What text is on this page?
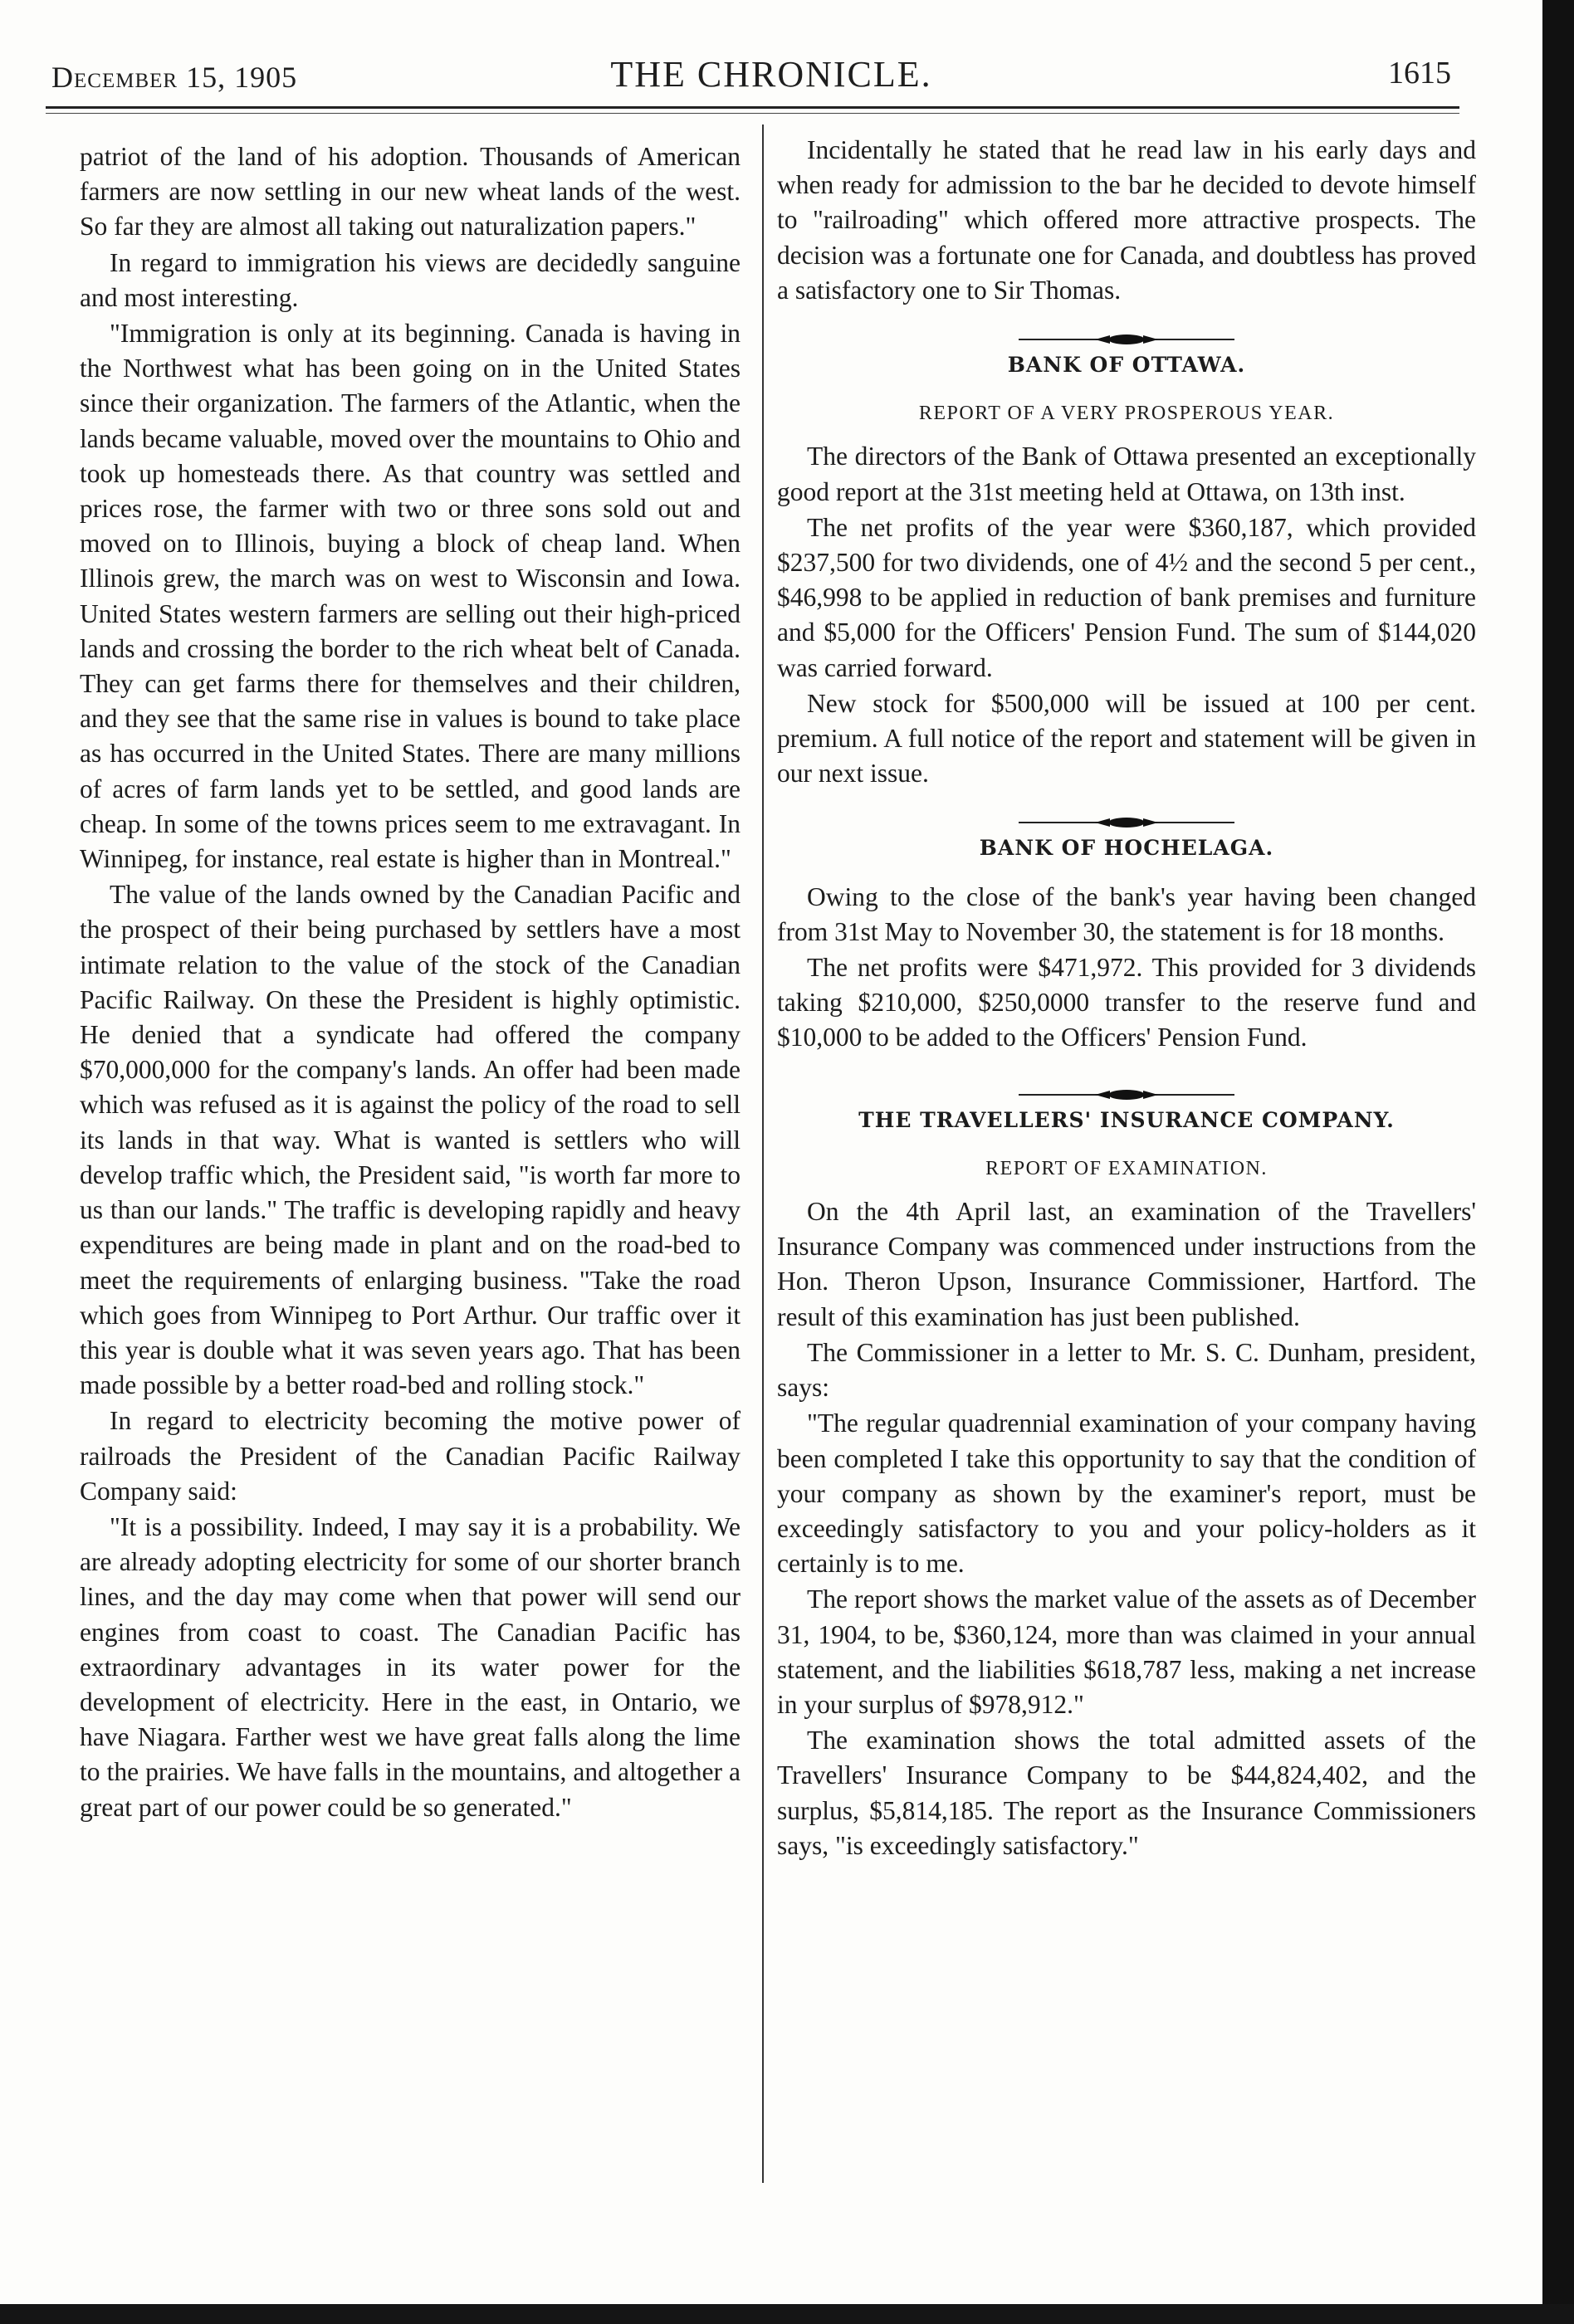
December 15, 1905	THE CHRONICLE.	1615

patriot of the land of his adoption. Thousands of American farmers are now settling in our new wheat lands of the west. So far they are almost all taking out naturalization papers."

In regard to immigration his views are decidedly sanguine and most interesting.

"Immigration is only at its beginning. Canada is having in the Northwest what has been going on in the United States since their organization. The farmers of the Atlantic, when the lands became valuable, moved over the mountains to Ohio and took up homesteads there. As that country was settled and prices rose, the farmer with two or three sons sold out and moved on to Illinois, buying a block of cheap land. When Illinois grew, the march was on west to Wisconsin and Iowa. United States western farmers are selling out their high-priced lands and crossing the border to the rich wheat belt of Canada. They can get farms there for themselves and their children, and they see that the same rise in values is bound to take place as has occurred in the United States. There are many millions of acres of farm lands yet to be settled, and good lands are cheap. In some of the towns prices seem to me extravagant. In Winnipeg, for instance, real estate is higher than in Montreal."

The value of the lands owned by the Canadian Pacific and the prospect of their being purchased by settlers have a most intimate relation to the value of the stock of the Canadian Pacific Railway. On these the President is highly optimistic. He denied that a syndicate had offered the company $70,000,000 for the company's lands. An offer had been made which was refused as it is against the policy of the road to sell its lands in that way. What is wanted is settlers who will develop traffic which, the President said, "is worth far more to us than our lands." The traffic is developing rapidly and heavy expenditures are being made in plant and on the road-bed to meet the requirements of enlarging business. "Take the road which goes from Winnipeg to Port Arthur. Our traffic over it this year is double what it was seven years ago. That has been made possible by a better road-bed and rolling stock."

In regard to electricity becoming the motive power of railroads the President of the Canadian Pacific Railway Company said:

"It is a possibility. Indeed, I may say it is a probability. We are already adopting electricity for some of our shorter branch lines, and the day may come when that power will send our engines from coast to coast. The Canadian Pacific has extraordinary advantages in its water power for the development of electricity. Here in the east, in Ontario, we have Niagara. Farther west we have great falls along the lime to the prairies. We have falls in the mountains, and altogether a great part of our power could be so generated."

Incidentally he stated that he read law in his early days and when ready for admission to the bar he decided to devote himself to "railroading" which offered more attractive prospects. The decision was a fortunate one for Canada, and doubtless has proved a satisfactory one to Sir Thomas.

BANK OF OTTAWA.
REPORT OF A VERY PROSPEROUS YEAR.

The directors of the Bank of Ottawa presented an exceptionally good report at the 31st meeting held at Ottawa, on 13th inst.

The net profits of the year were $360,187, which provided $237,500 for two dividends, one of 4½ and the second 5 per cent., $46,998 to be applied in reduction of bank premises and furniture and $5,000 for the Officers' Pension Fund. The sum of $144,020 was carried forward.

New stock for $500,000 will be issued at 100 per cent. premium. A full notice of the report and statement will be given in our next issue.

BANK OF HOCHELAGA.

Owing to the close of the bank's year having been changed from 31st May to November 30, the statement is for 18 months.

The net profits were $471,972. This provided for 3 dividends taking $210,000, $250,0000 transfer to the reserve fund and $10,000 to be added to the Officers' Pension Fund.

THE TRAVELLERS' INSURANCE COMPANY.
REPORT OF EXAMINATION.

On the 4th April last, an examination of the Travellers' Insurance Company was commenced under instructions from the Hon. Theron Upson, Insurance Commissioner, Hartford. The result of this examination has just been published.

The Commissioner in a letter to Mr. S. C. Dunham, president, says:

"The regular quadrennial examination of your company having been completed I take this opportunity to say that the condition of your company as shown by the examiner's report, must be exceedingly satisfactory to you and your policy-holders as it certainly is to me.

The report shows the market value of the assets as of December 31, 1904, to be, $360,124, more than was claimed in your annual statement, and the liabilities $618,787 less, making a net increase in your surplus of $978,912."

The examination shows the total admitted assets of the Travellers' Insurance Company to be $44,824,402, and the surplus, $5,814,185. The report as the Insurance Commissioners says, "is exceedingly satisfactory."
